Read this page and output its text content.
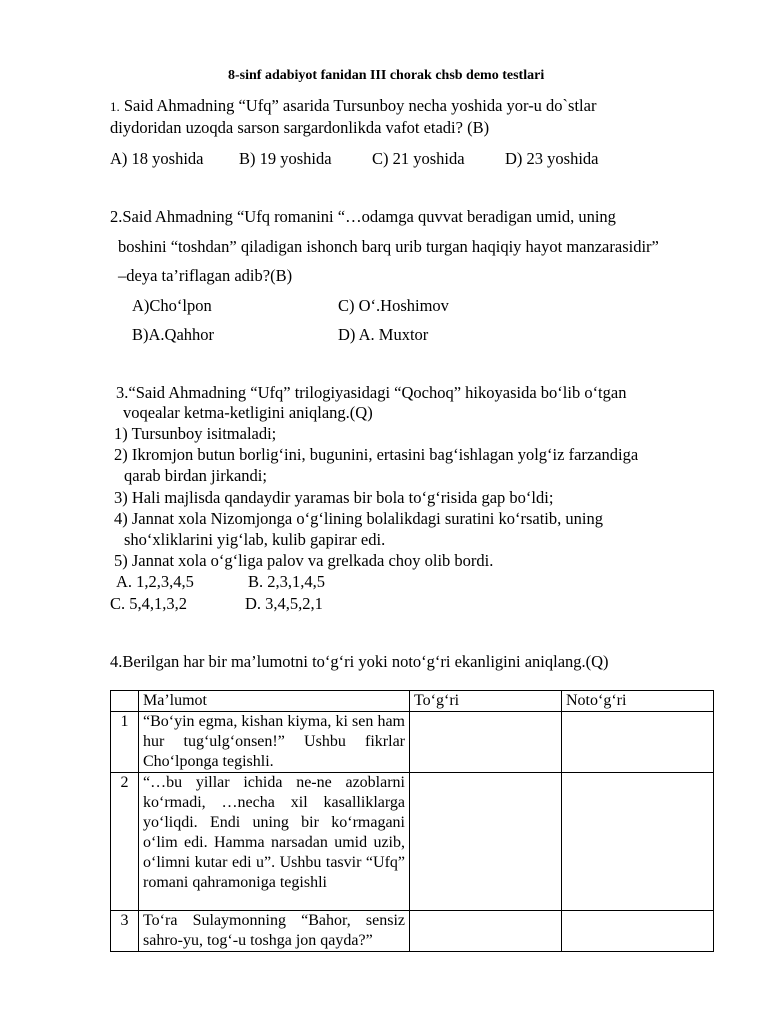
8-sinf adabiyot fanidan III chorak chsb demo testlari
1. Said Ahmadning “Ufq” asarida Tursunboy necha yoshida yor-u do`stlar
diydoridan uzoqda sarson sargardonlikda vafot etadi? (B)
A) 18 yoshida B) 19 yoshida C) 21 yoshida D) 23 yoshida
2.Said Ahmadning “Ufq romanini “…odamga quvvat beradigan umid, uning
boshini “toshdan” qiladigan ishonch barq urib turgan haqiqiy hayot manzarasidir”
–deya ta’riflagan adib?(B)
A)Cho‘lpon	C) O‘.Hoshimov
B)A.Qahhor	D) A. Muxtor
3.“Said Ahmadning “Ufq” trilogiyasidagi “Qochoq” hikoyasida bo‘lib o‘tgan
voqealar ketma-ketligini aniqlang.(Q)
1) Tursunboy isitmaladi;
2) Ikromjon butun borlig‘ini, bugunini, ertasini bag‘ishlagan yolg‘iz farzandiga
qarab birdan jirkandi;
3) Hali majlisda qandaydir yaramas bir bola to‘g‘risida gap bo‘ldi;
4) Jannat xola Nizomjonga o‘g‘lining bolalikdagi suratini ko‘rsatib, uning
sho‘xliklarini yig‘lab, kulib gapirar edi.
5) Jannat xola o‘g‘liga palov va grelkada choy olib bordi.
A. 1,2,3,4,5	B. 2,3,1,4,5
C. 5,4,1,3,2	D. 3,4,5,2,1
4.Berilgan har bir ma’lumotni to‘g‘ri yoki noto‘g‘ri ekanligini aniqlang.(Q)
	Ma’lumot	To‘g‘ri	Noto‘g‘ri
1	“Bo‘yin egma, kishan kiyma, ki sen ham hur tug‘ulg‘onsen!” Ushbu fikrlar Cho‘lponga tegishli.		
2	“…bu yillar ichida ne-ne azoblarni ko‘rmadi, …necha xil kasalliklarga yo‘liqdi. Endi uning bir ko‘rmagani o‘lim edi. Hamma narsadan umid uzib, o‘limni kutar edi u”. Ushbu tasvir “Ufq” romani qahramoniga tegishli		
3	To‘ra Sulaymonning “Bahor, sensiz sahro-yu, tog‘-u toshga jon qayda?”		
